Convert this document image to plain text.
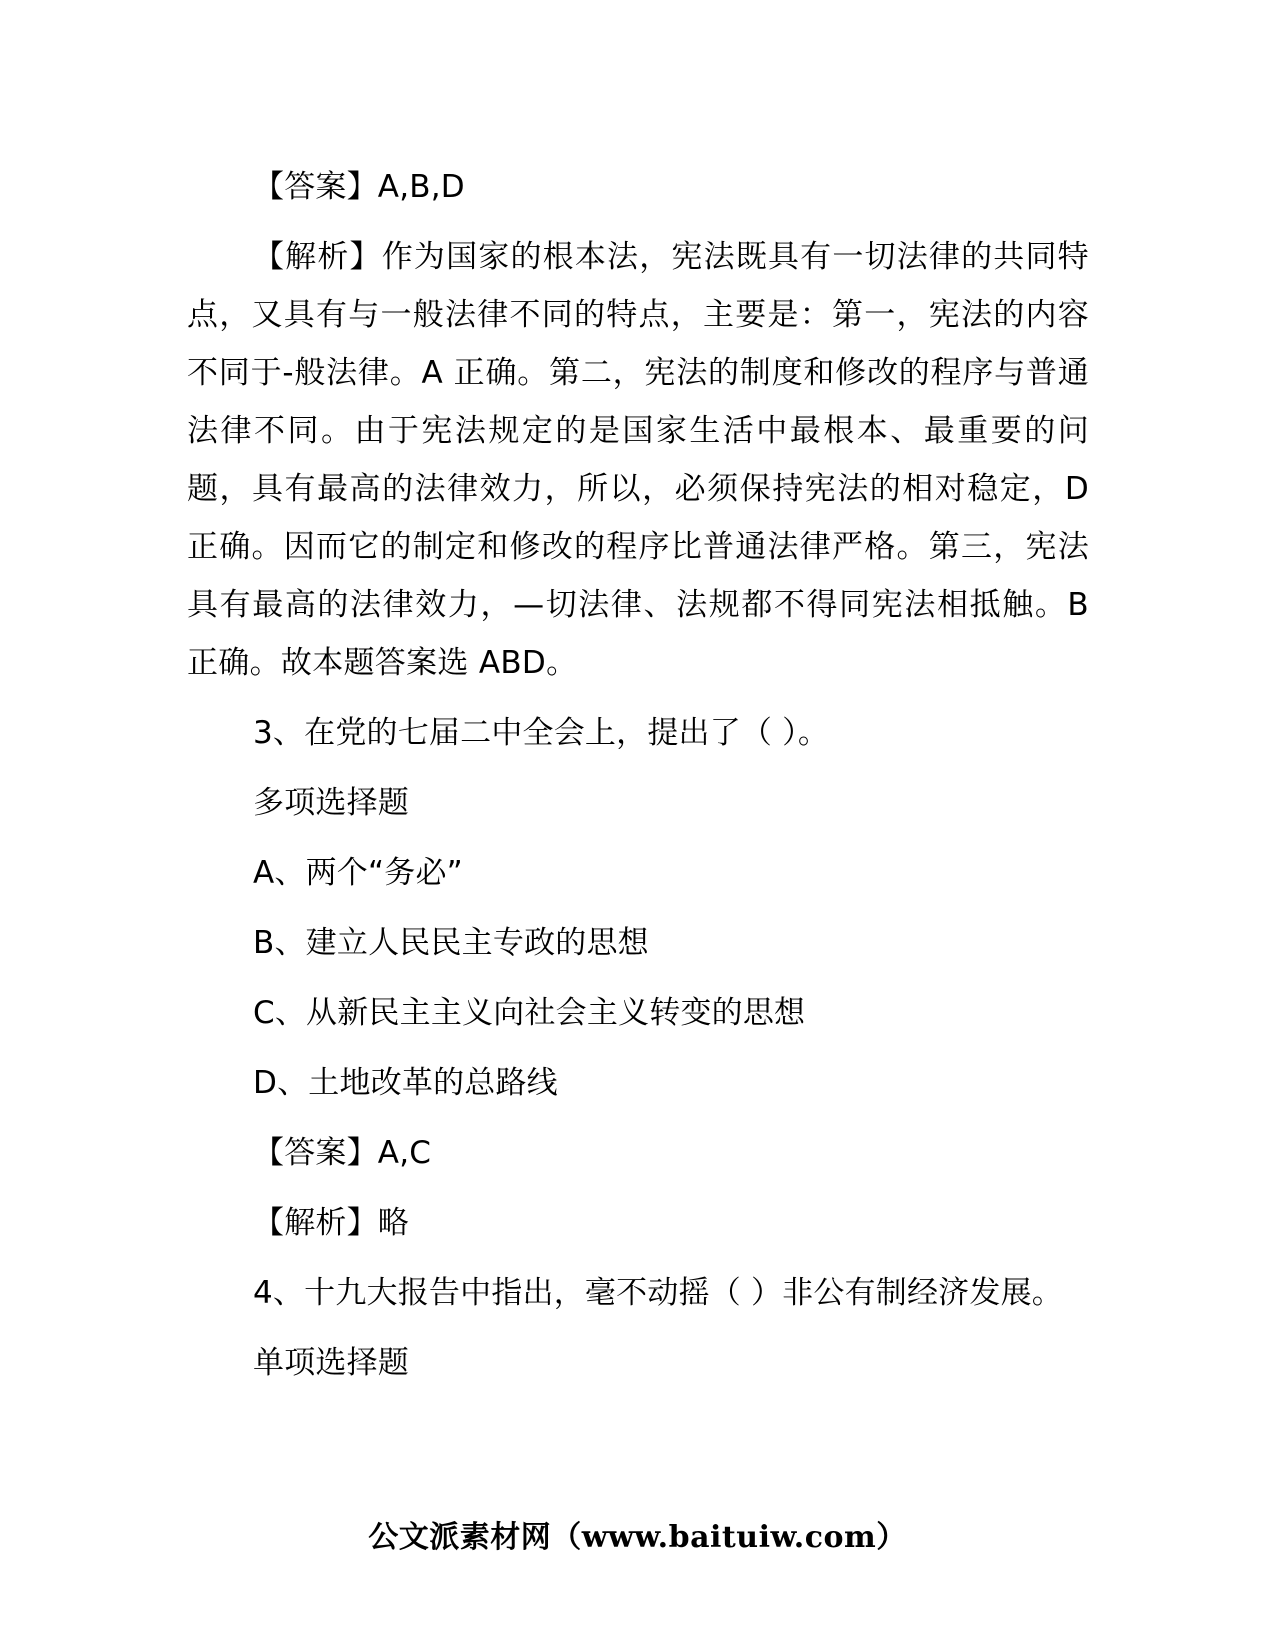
【答案】A,B,D

【解析】作为国家的根本法，宪法既具有一切法律的共同特点，又具有与一般法律不同的特点，主要是：第一，宪法的内容不同于-般法律。A 正确。第二，宪法的制度和修改的程序与普通法律不同。由于宪法规定的是国家生活中最根本、最重要的问题，具有最高的法律效力，所以，必须保持宪法的相对稳定，D 正确。因而它的制定和修改的程序比普通法律严格。第三，宪法具有最高的法律效力，—切法律、法规都不得同宪法相抵触。B 正确。故本题答案选 ABD。

3、在党的七届二中全会上，提出了（ ）。

多项选择题

A、两个“务必”

B、建立人民民主专政的思想

C、从新民主主义向社会主义转变的思想

D、土地改革的总路线

【答案】A,C

【解析】略

4、十九大报告中指出，毫不动摇（ ）非公有制经济发展。

单项选择题

公文派素材网（www.baituiw.com）
